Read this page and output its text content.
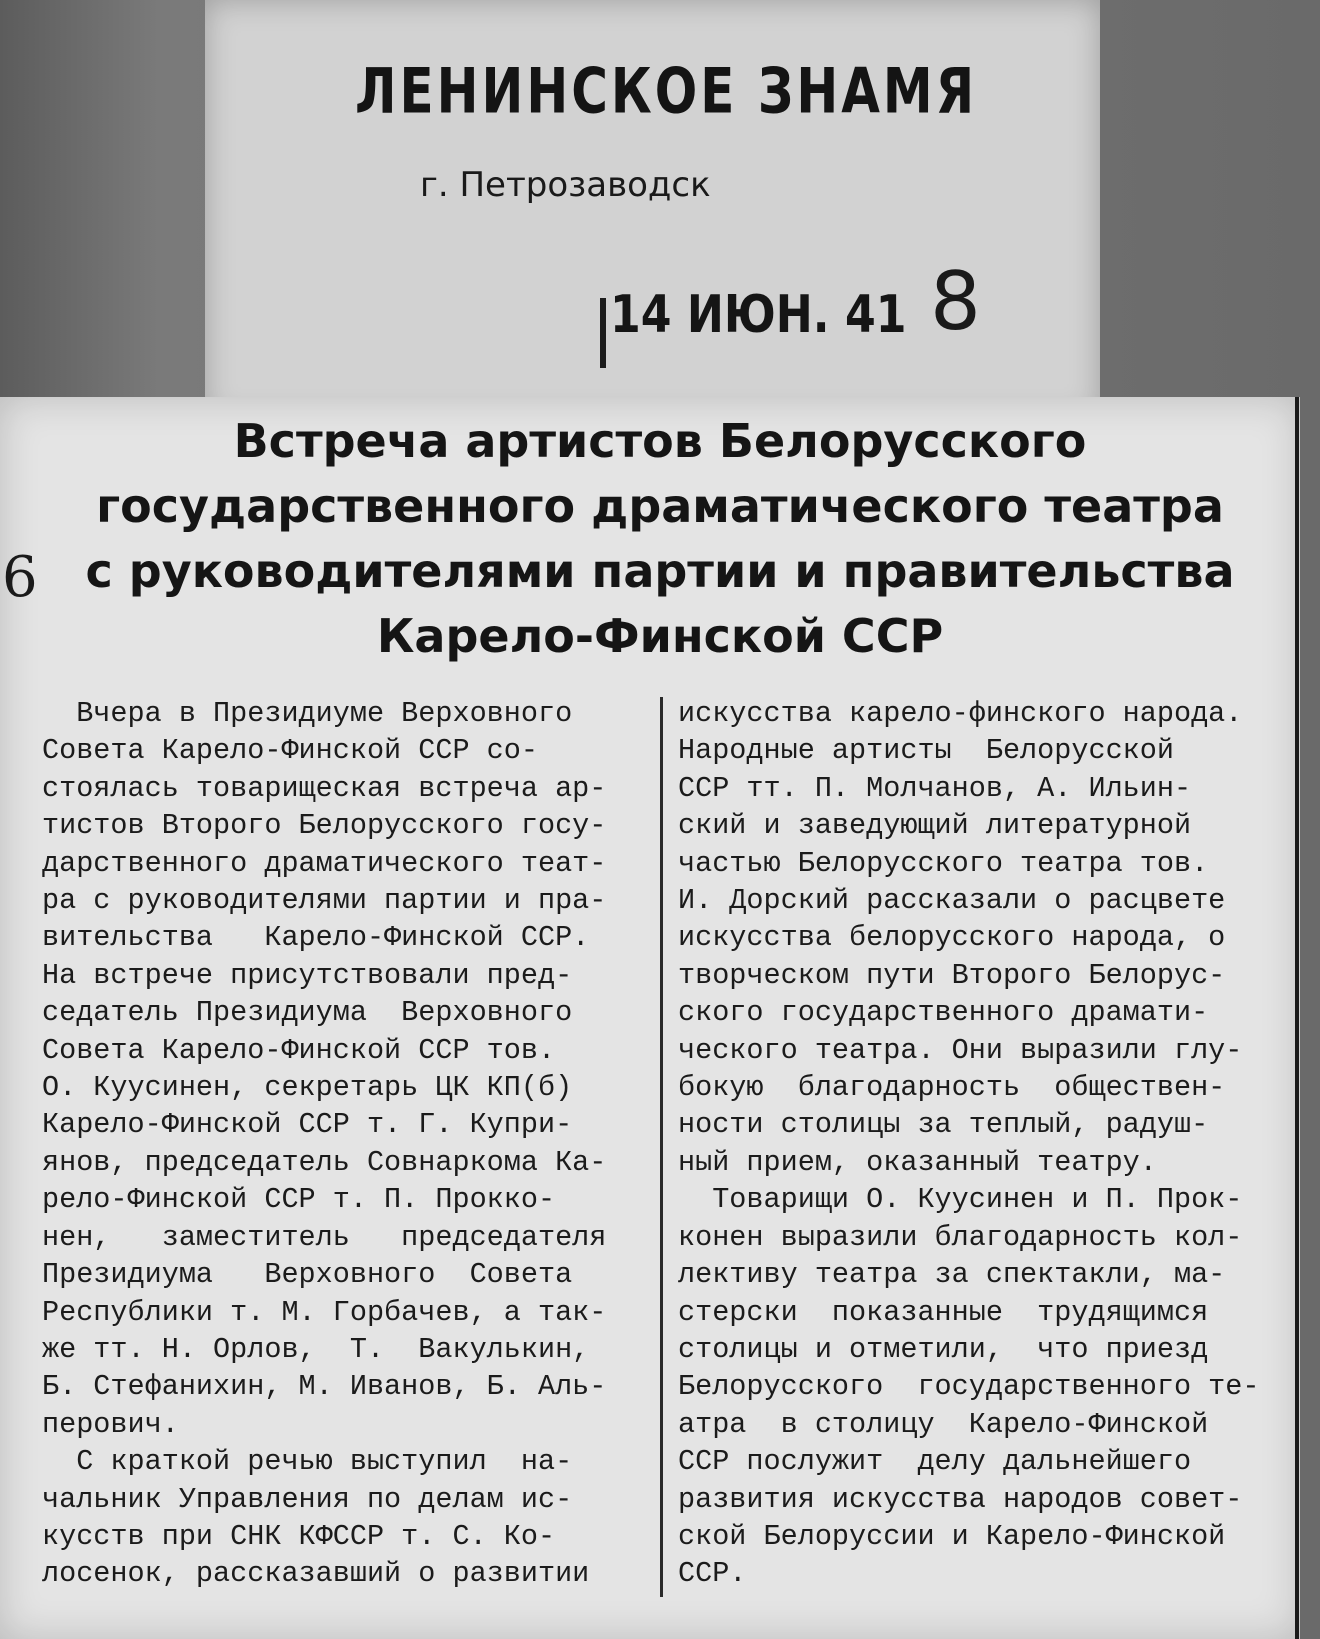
ЛЕНИНСКОЕ ЗНАМЯ
г. Петрозаводск
14 ИЮН. 41 8
6
Встреча артистов Белорусского
государственного драматического театра
с руководителями партии и правительства
Карело-Финской ССР
Вчера в Президиуме Верховного
Совета Карело-Финской ССР со-
стоялась товарищеская встреча ар-
тистов Второго Белорусского госу-
дарственного драматического теат-
ра с руководителями партии и пра-
вительства   Карело-Финской ССР.
На встрече присутствовали пред-
седатель Президиума  Верховного
Совета Карело-Финской ССР тов.
О. Куусинен, секретарь ЦК КП(б)
Карело-Финской ССР т. Г. Купри-
янов, председатель Совнаркома Ка-
рело-Финской ССР т. П. Прокко-
нен,   заместитель   председателя
Президиума   Верховного  Совета
Республики т. М. Горбачев, а так-
же тт. Н. Орлов,  Т.  Вакулькин,
Б. Стефанихин, М. Иванов, Б. Аль-
перович.
С краткой речью выступил  на-
чальник Управления по делам ис-
кусств при СНК КФССР т. С. Ко-
лосенок, рассказавший о развитии
искусства карело-финского народа.
Народные артисты  Белорусской
ССР тт. П. Молчанов, А. Ильин-
ский и заведующий литературной
частью Белорусского театра тов.
И. Дорский рассказали о расцвете
искусства белорусского народа, о
творческом пути Второго Белорус-
ского государственного драмати-
ческого театра. Они выразили глу-
бокую  благодарность  обществен-
ности столицы за теплый, радуш-
ный прием, оказанный театру.
Товарищи О. Куусинен и П. Прок-
конен выразили благодарность кол-
лективу театра за спектакли, ма-
стерски  показанные  трудящимся
столицы и отметили,  что приезд
Белорусского  государственного те-
атра  в столицу  Карело-Финской
ССР послужит  делу дальнейшего
развития искусства народов совет-
ской Белоруссии и Карело-Финской
ССР.
